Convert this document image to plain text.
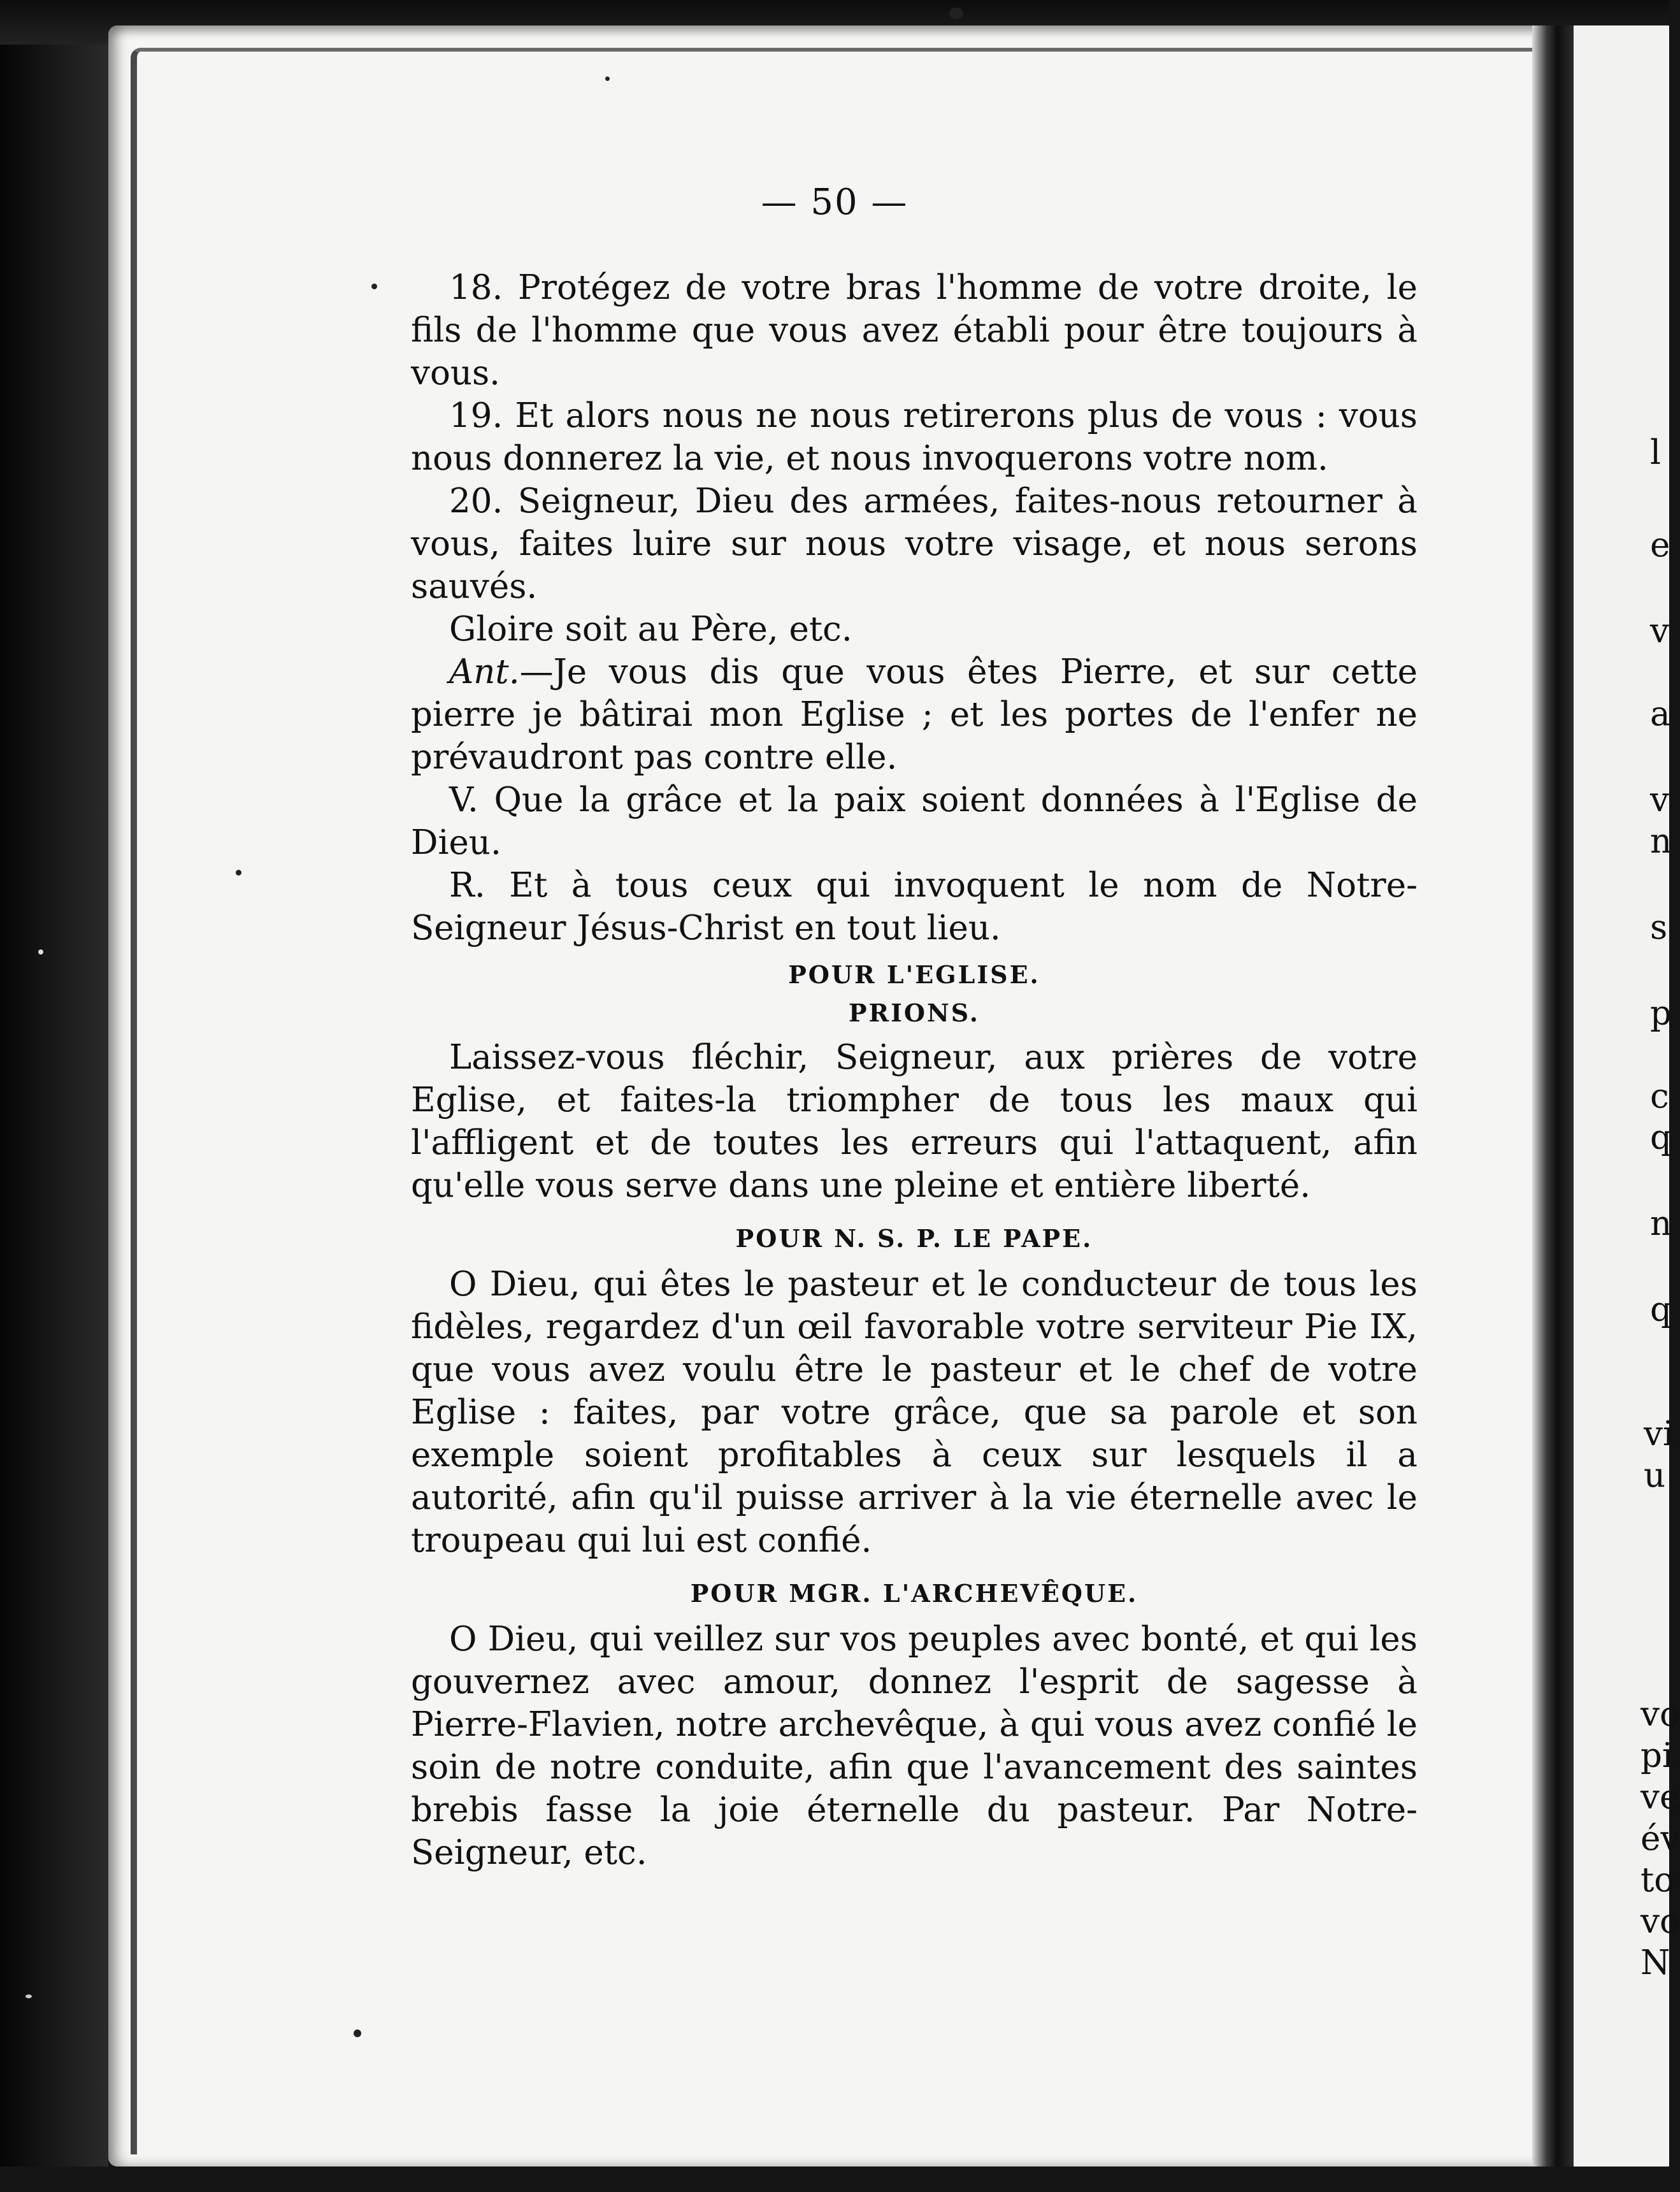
l
e
v
a
v
n
s
p
c
q
n
q
vi
u
vo
pi
ve
év
to
vo
N
— 50 —

18. Protégez de votre bras l'homme de votre droite, le fils de l'homme que vous avez établi pour être toujours à vous.

19. Et alors nous ne nous retirerons plus de vous : vous nous donnerez la vie, et nous invoquerons votre nom.

20. Seigneur, Dieu des armées, faites-nous retourner à vous, faites luire sur nous votre visage, et nous serons sauvés.

Gloire soit au Père, etc.

Ant.—Je vous dis que vous êtes Pierre, et sur cette pierre je bâtirai mon Eglise ; et les portes de l'enfer ne prévaudront pas contre elle.

V. Que la grâce et la paix soient données à l'Eglise de Dieu.

R. Et à tous ceux qui invoquent le nom de Notre-Seigneur Jésus-Christ en tout lieu.

POUR L'EGLISE.

PRIONS.

Laissez-vous fléchir, Seigneur, aux prières de votre Eglise, et faites-la triompher de tous les maux qui l'affligent et de toutes les erreurs qui l'attaquent, afin qu'elle vous serve dans une pleine et entière liberté.

POUR N. S. P. LE PAPE.

O Dieu, qui êtes le pasteur et le conducteur de tous les fidèles, regardez d'un œil favorable votre serviteur Pie IX, que vous avez voulu être le pasteur et le chef de votre Eglise : faites, par votre grâce, que sa parole et son exemple soient profitables à ceux sur lesquels il a autorité, afin qu'il puisse arriver à la vie éternelle avec le troupeau qui lui est confié.

POUR MGR. L'ARCHEVÊQUE.

O Dieu, qui veillez sur vos peuples avec bonté, et qui les gouvernez avec amour, donnez l'esprit de sagesse à Pierre-Flavien, notre archevêque, à qui vous avez confié le soin de notre conduite, afin que l'avancement des saintes brebis fasse la joie éternelle du pasteur. Par Notre-Seigneur, etc.
